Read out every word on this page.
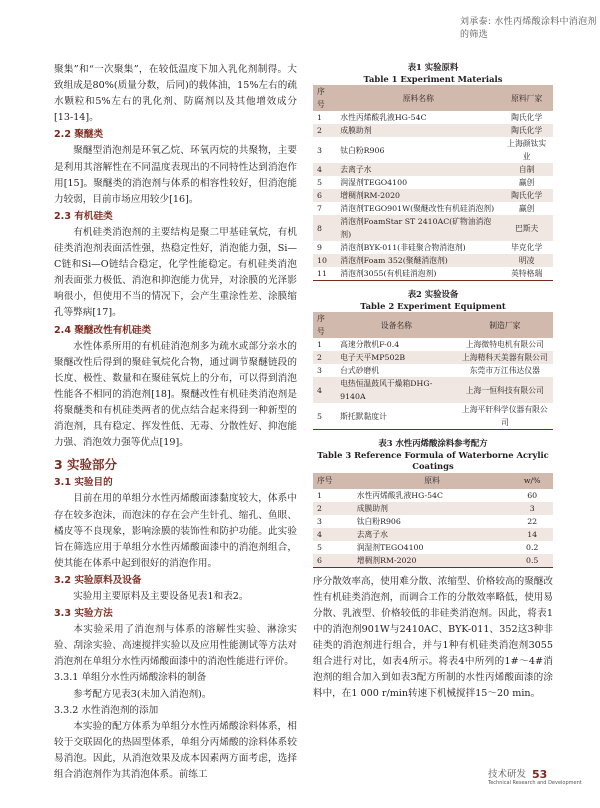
刘承泰: 水性丙烯酸涂料中消泡剂的筛选

聚集”和“一次聚集”，在较低温度下加入乳化剂制得。大致组成是80%(质量分数，后同)的载体油，15%左右的疏水颗粒和5%左右的乳化剂、防腐剂以及其他增效成分[13-14]。

2.2 聚醚类

聚醚型消泡剂是环氧乙烷、环氧丙烷的共聚物，主要是利用其溶解性在不同温度表现出的不同特性达到消泡作用[15]。聚醚类的消泡剂与体系的相容性较好，但消泡能力较弱，目前市场应用较少[16]。

2.3 有机硅类

有机硅类消泡剂的主要结构是聚二甲基硅氧烷，有机硅类消泡剂表面活性强，热稳定性好，消泡能力强，Si—C链和Si—O链结合稳定，化学性能稳定。有机硅类消泡剂表面张力极低、消泡和抑泡能力优异，对涂膜的光泽影响很小，但使用不当的情况下，会产生重涂性差、涂膜缩孔等弊病[17]。

2.4 聚醚改性有机硅类

水性体系所用的有机硅消泡剂多为疏水或部分亲水的聚醚改性后得到的聚硅氧烷化合物，通过调节聚醚链段的长度、极性、数量和在聚硅氧烷上的分布，可以得到消泡性能各不相同的消泡剂[18]。聚醚改性有机硅类消泡剂是将聚醚类和有机硅类两者的优点结合起来得到一种新型的消泡剂，具有稳定、挥发性低、无毒、分散性好、抑泡能力强、消泡效力强等优点[19]。

3 实验部分
3.1 实验目的

目前在用的单组分水性丙烯酸面漆黏度较大，体系中存在较多泡沫，而泡沫的存在会产生针孔、缩孔、鱼眼、橘皮等不良现象，影响涂膜的装饰性和防护功能。此实验旨在筛选应用于单组分水性丙烯酸面漆中的消泡剂组合，使其能在体系中起到很好的消泡作用。

3.2 实验原料及设备

实验用主要原料及主要设备见表1和表2。

3.3 实验方法

本实验采用了消泡剂与体系的溶解性实验、淋涂实验、刮涂实验、高速搅拌实验以及应用性能测试等方法对消泡剂在单组分水性丙烯酸面漆中的消泡性能进行评价。

3.3.1 单组分水性丙烯酸涂料的制备

参考配方见表3(未加入消泡剂)。

3.3.2 水性消泡剂的添加

本实验的配方体系为单组分水性丙烯酸涂料体系，相较于交联固化的热固型体系，单组分丙烯酸的涂料体系较易消泡。因此，从消泡效果及成本因素两方面考虑，选择组合消泡剂作为其消泡体系。前练工

表1 实验原料
Table 1 Experiment Materials
序号	原料名称	原料厂家
1	水性丙烯酸乳液HG-54C	陶氏化学
2	成膜助剂	陶氏化学
3	钛白粉R906	上海颜钛实业
4	去离子水	自制
5	润湿剂TEGO4100	赢创
6	增稠剂RM-2020	陶氏化学
7	消泡剂TEGO901W(聚醚改性有机硅消泡剂)	赢创
8	消泡剂FoamStar ST 2410AC(矿物油消泡剂)	巴斯夫
9	消泡剂BYK-011(非硅聚合物消泡剂)	毕克化学
10	消泡剂Foam 352(聚醚消泡剂)	明凌
11	消泡剂3055(有机硅消泡剂)	英特格瑞
表2 实验设备
Table 2 Experiment Equipment
序号	设备名称	制造厂家
1	高速分散机F-0.4	上海微特电机有限公司
2	电子天平MP502B	上海精科天美器有限公司
3	台式砂磨机	东莞市万江伟达仪器
4	电热恒温鼓风干燥箱DHG-9140A	上海一恒科技有限公司
5	斯托默黏度计	上海平轩科学仪器有限公司
表3 水性丙烯酸涂料参考配方
Table 3 Reference Formula of Waterborne Acrylic
Coatings
序号	原料	w/%
1	水性丙烯酸乳液HG-54C	60
2	成膜助剂	3
3	钛白粉R906	22
4	去离子水	14
5	润湿剂TEGO4100	0.2
6	增稠剂RM-2020	0.5

序分散效率高，使用难分散、浓缩型、价格较高的聚醚改性有机硅类消泡剂，而调合工作的分散效率略低，使用易分散、乳液型、价格较低的非硅类消泡剂。因此，将表1中的消泡剂901W与2410AC、BYK-011、352这3种非硅类的消泡剂进行组合，并与1种有机硅类消泡剂3055组合进行对比，如表4所示。将表4中所列的1#～4#消泡剂的组合加入到如表3配方所制的水性丙烯酸面漆的涂料中，在1 000 r/min转速下机械搅拌15～20 min。

技术研发
Technical Research and Development
53
